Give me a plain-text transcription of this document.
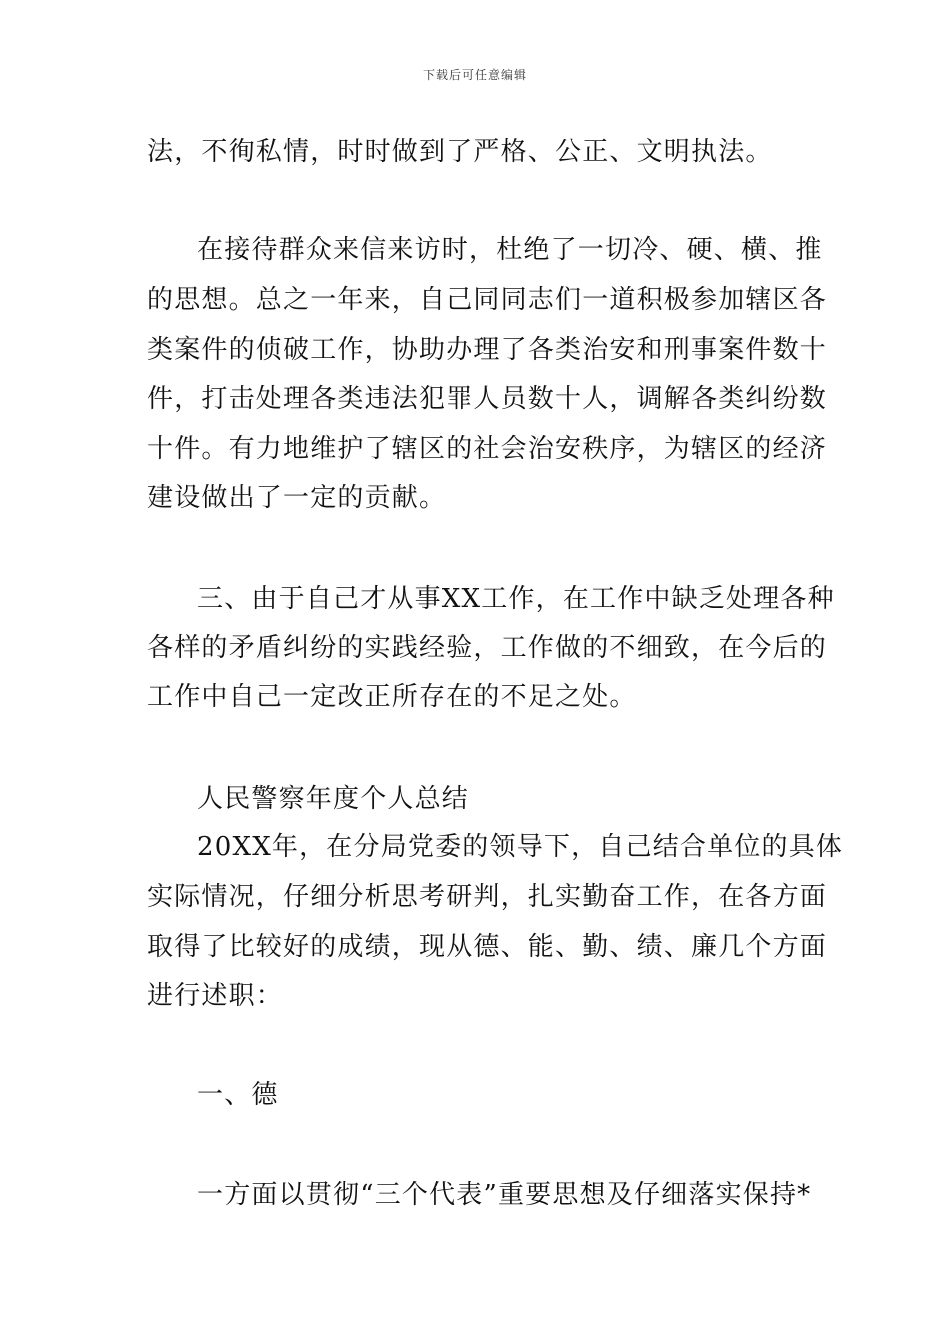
下载后可任意编辑
法，不徇私情，时时做到了严格、公正、文明执法。
在接待群众来信来访时，杜绝了一切冷、硬、横、推
的思想。总之一年来，自己同同志们一道积极参加辖区各
类案件的侦破工作，协助办理了各类治安和刑事案件数十
件，打击处理各类违法犯罪人员数十人，调解各类纠纷数
十件。有力地维护了辖区的社会治安秩序，为辖区的经济
建设做出了一定的贡献。
三、由于自己才从事XX工作，在工作中缺乏处理各种
各样的矛盾纠纷的实践经验，工作做的不细致，在今后的
工作中自己一定改正所存在的不足之处。
人民警察年度个人总结
20XX年，在分局党委的领导下，自己结合单位的具体
实际情况，仔细分析思考研判，扎实勤奋工作，在各方面
取得了比较好的成绩，现从德、能、勤、绩、廉几个方面
进行述职：
一、德
一方面以贯彻“三个代表”重要思想及仔细落实保持*
